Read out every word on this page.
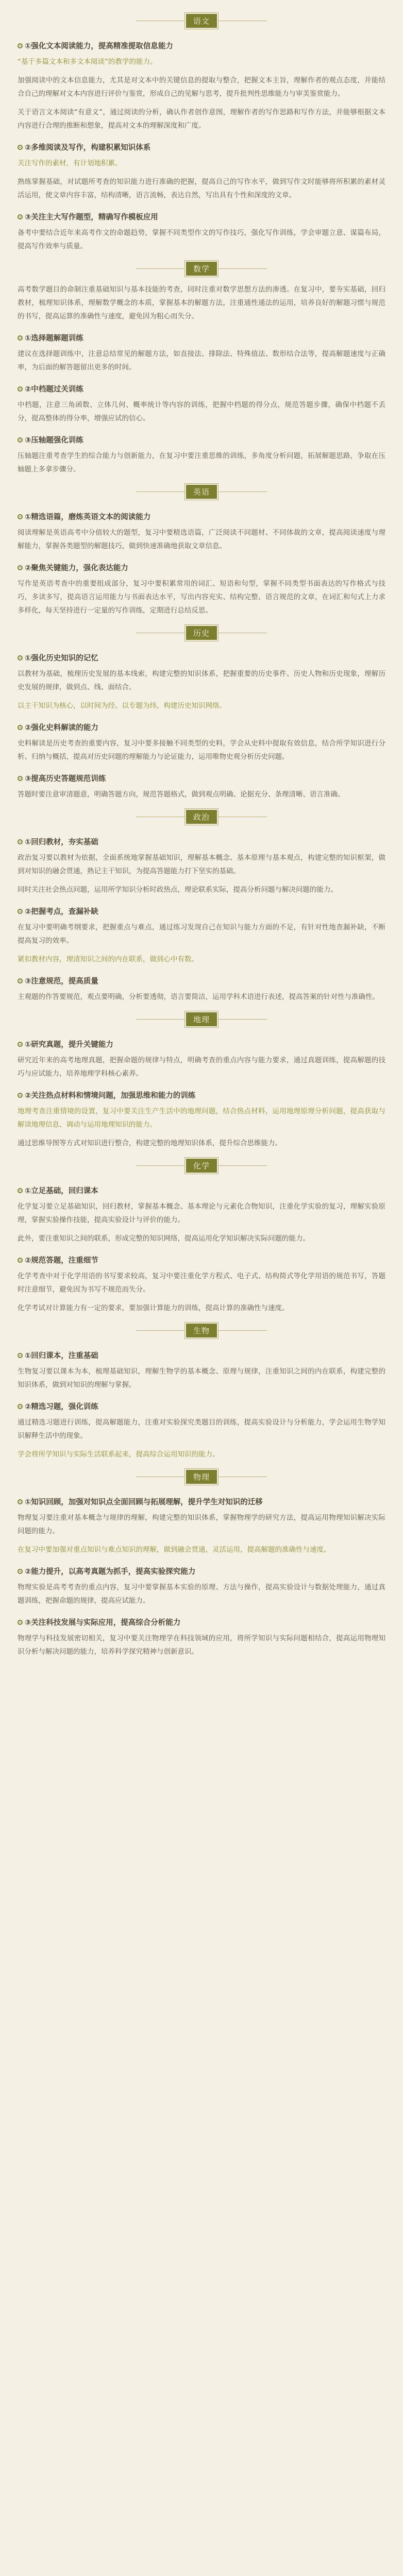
语文
①强化文本阅读能力，提高精准提取信息能力

“基于多篇文本和多文本阅读”的教学的能力。

加强阅读中的文本信息能力，尤其是对文本中的关键信息的提取与整合，把握文本主旨，理解作者的观点态度，并能结合自己的理解对文本内容进行评价与鉴赏，形成自己的见解与思考，提升批判性思维能力与审美鉴赏能力。

关于语言文本阅读“有意义”，通过阅读的分析，确认作者创作意图，理解作者的写作思路和写作方法，并能够根据文本内容进行合理的推断和想象，提高对文本的理解深度和广度。

②多维阅读及写作，构建积累知识体系

关注写作的素材，有计划地积累。

熟练掌握基础，对试题所考查的知识能力进行准确的把握，提高自己的写作水平，做到写作文时能够将所积累的素材灵活运用，使文章内容丰富，结构清晰，语言流畅，表达自然，写出具有个性和深度的文章。

③关注主大写作题型，精确写作模板应用

备考中要结合近年来高考作文的命题趋势，掌握不同类型作文的写作技巧，强化写作训练，学会审题立意、谋篇布局，提高写作效率与质量。

数学

高考数学题目的命制注重基础知识与基本技能的考查，同时注重对数学思想方法的渗透。在复习中，要夯实基础，回归教材，梳理知识体系，理解数学概念的本质，掌握基本的解题方法，注重通性通法的运用，培养良好的解题习惯与规范的书写，提高运算的准确性与速度，避免因为粗心而失分。

①选择题解题训练

建议在选择题训练中，注意总结常见的解题方法，如直接法、排除法、特殊值法、数形结合法等，提高解题速度与正确率，为后面的解答题留出更多的时间。

②中档题过关训练

中档题，注意三角函数、立体几何、概率统计等内容的训练，把握中档题的得分点，规范答题步骤，确保中档题不丢分，提高整体的得分率，增强应试的信心。

③压轴题强化训练

压轴题注重考查学生的综合能力与创新能力，在复习中要注重思维的训练，多角度分析问题，拓展解题思路，争取在压轴题上多拿步骤分。

英语
①精选语篇，磨炼英语文本的阅读能力

阅读理解是英语高考中分值较大的题型，复习中要精选语篇，广泛阅读不同题材、不同体裁的文章，提高阅读速度与理解能力，掌握各类题型的解题技巧，做到快速准确地获取文章信息。

②聚焦关键能力，强化表达能力

写作是英语考查中的重要组成部分，复习中要积累常用的词汇、短语和句型，掌握不同类型书面表达的写作格式与技巧，多读多写，提高语言运用能力与书面表达水平，写出内容充实、结构完整、语言规范的文章，在词汇和句式上力求多样化，每天坚持进行一定量的写作训练，定期进行总结反思。

历史
①强化历史知识的记忆

以教材为基础，梳理历史发展的基本线索，构建完整的知识体系，把握重要的历史事件、历史人物和历史现象，理解历史发展的规律，做到点、线、面结合。

以主干知识为核心，以时间为经、以专题为纬，构建历史知识网络。

②强化史料解读的能力

史料解读是历史考查的重要内容，复习中要多接触不同类型的史料，学会从史料中提取有效信息，结合所学知识进行分析、归纳与概括，提高对历史问题的理解能力与论证能力，运用唯物史观分析历史问题。

③提高历史答题规范训练

答题时要注意审清题意，明确答题方向，规范答题格式，做到观点明确、论据充分、条理清晰、语言准确。

政治
①回归教材，夯实基础

政治复习要以教材为依据，全面系统地掌握基础知识，理解基本概念、基本原理与基本观点，构建完整的知识框架，做到对知识的融会贯通，熟记主干知识，为提高答题能力打下坚实的基础。

同时关注社会热点问题，运用所学知识分析时政热点，理论联系实际，提高分析问题与解决问题的能力。

②把握考点，查漏补缺

在复习中要明确考纲要求，把握重点与难点，通过练习发现自己在知识与能力方面的不足，有针对性地查漏补缺，不断提高复习的效率。

紧扣教材内容，理清知识之间的内在联系，做到心中有数。

③注意规范，提高质量

主观题的作答要规范，观点要明确，分析要透彻，语言要简洁，运用学科术语进行表述，提高答案的针对性与准确性。

地理
①研究真题，提升关键能力

研究近年来的高考地理真题，把握命题的规律与特点，明确考查的重点内容与能力要求，通过真题训练，提高解题的技巧与应试能力，培养地理学科核心素养。

②关注热点材料和情境问题，加强思维和能力的训练

地理考查注重情境的设置，复习中要关注生产生活中的地理问题，结合热点材料，运用地理原理分析问题，提高获取与解读地理信息、调动与运用地理知识的能力。

通过思维导图等方式对知识进行整合，构建完整的地理知识体系，提升综合思维能力。

化学
①立足基础，回归课本

化学复习要立足基础知识，回归教材，掌握基本概念、基本理论与元素化合物知识，注重化学实验的复习，理解实验原理，掌握实验操作技能，提高实验设计与评价的能力。

此外，要注重知识之间的联系，形成完整的知识网络，提高运用化学知识解决实际问题的能力。

②规范答题，注重细节

化学考查中对于化学用语的书写要求较高，复习中要注重化学方程式、电子式、结构简式等化学用语的规范书写，答题时注意细节，避免因为书写不规范而失分。

化学考试对计算能力有一定的要求，要加强计算能力的训练，提高计算的准确性与速度。

生物
①回归课本，注重基础

生物复习要以课本为本，梳理基础知识，理解生物学的基本概念、原理与规律，注重知识之间的内在联系，构建完整的知识体系，做到对知识的理解与掌握。

②精选习题，强化训练

通过精选习题进行训练，提高解题能力，注重对实验探究类题目的训练，提高实验设计与分析能力，学会运用生物学知识解释生活中的现象。

学会将所学知识与实际生活联系起来，提高综合运用知识的能力。

物理
①知识回顾，加强对知识点全面回顾与拓展理解，提升学生对知识的迁移

物理复习要注重对基本概念与规律的理解，构建完整的知识体系，掌握物理学的研究方法，提高运用物理知识解决实际问题的能力。

在复习中要加强对重点知识与难点知识的理解，做到融会贯通，灵活运用，提高解题的准确性与速度。

②能力提升，以高考真题为抓手，提高实验探究能力

物理实验是高考考查的重点内容，复习中要掌握基本实验的原理、方法与操作，提高实验设计与数据处理能力，通过真题训练，把握命题的规律，提高应试能力。

③关注科技发展与实际应用，提高综合分析能力

物理学与科技发展密切相关，复习中要关注物理学在科技领域的应用，将所学知识与实际问题相结合，提高运用物理知识分析与解决问题的能力，培养科学探究精神与创新意识。
